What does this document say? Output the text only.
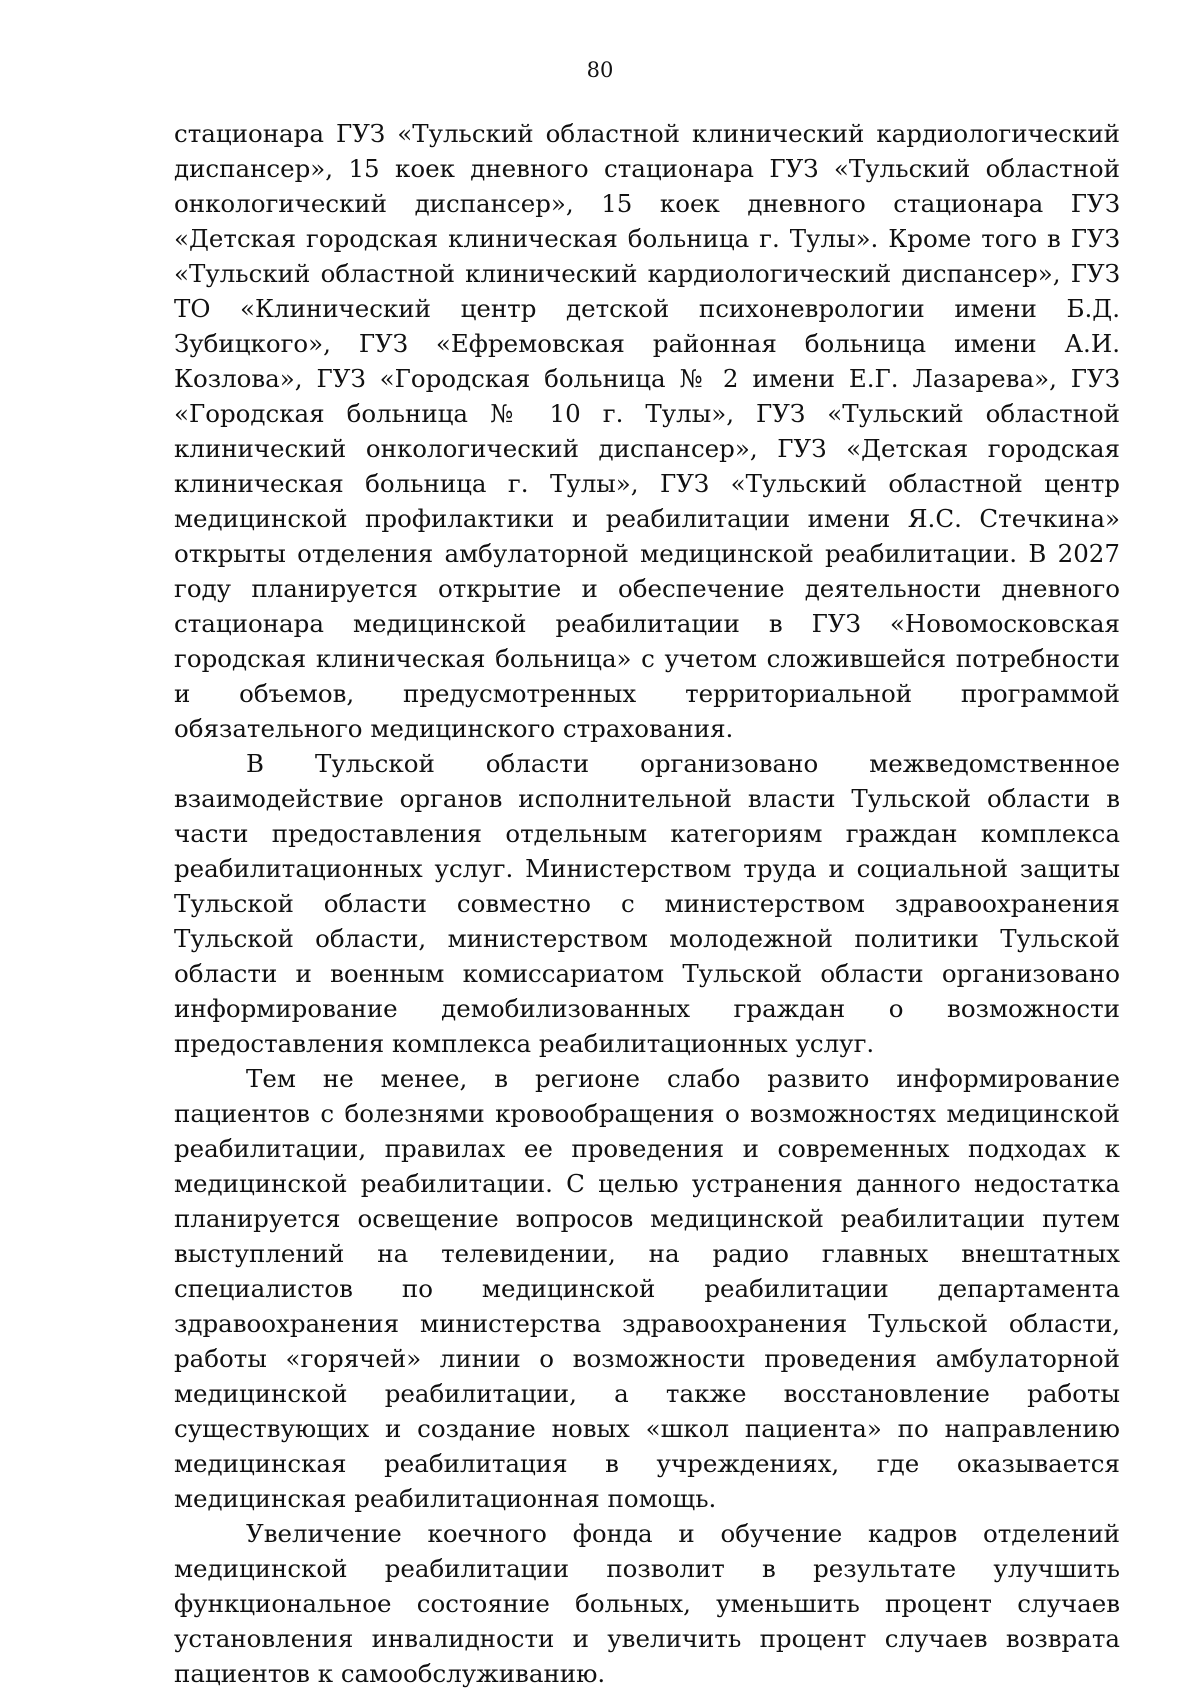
80

стационара ГУЗ «Тульский областной клинический кардиологический диспансер», 15 коек дневного стационара ГУЗ «Тульский областной онкологический диспансер», 15 коек дневного стационара ГУЗ «Детская городская клиническая больница г. Тулы». Кроме того в ГУЗ «Тульский областной клинический кардиологический диспансер», ГУЗ ТО «Клинический центр детской психоневрологии имени Б.Д. Зубицкого», ГУЗ «Ефремовская районная больница имени А.И. Козлова», ГУЗ «Городская больница № 2 имени Е.Г. Лазарева», ГУЗ «Городская больница № 10 г. Тулы», ГУЗ «Тульский областной клинический онкологический диспансер», ГУЗ «Детская городская клиническая больница г. Тулы», ГУЗ «Тульский областной центр медицинской профилактики и реабилитации имени Я.С. Стечкина» открыты отделения амбулаторной медицинской реабилитации. В 2027 году планируется открытие и обеспечение деятельности дневного стационара медицинской реабилитации в ГУЗ «Новомосковская городская клиническая больница» с учетом сложившейся потребности и объемов, предусмотренных территориальной программой обязательного медицинского страхования.

В Тульской области организовано межведомственное взаимодействие органов исполнительной власти Тульской области в части предоставления отдельным категориям граждан комплекса реабилитационных услуг. Министерством труда и социальной защиты Тульской области совместно с министерством здравоохранения Тульской области, министерством молодежной политики Тульской области и военным комиссариатом Тульской области организовано информирование демобилизованных граждан о возможности предоставления комплекса реабилитационных услуг.

Тем не менее, в регионе слабо развито информирование пациентов с болезнями кровообращения о возможностях медицинской реабилитации, правилах ее проведения и современных подходах к медицинской реабилитации. С целью устранения данного недостатка планируется освещение вопросов медицинской реабилитации путем выступлений на телевидении, на радио главных внештатных специалистов по медицинской реабилитации департамента здравоохранения министерства здравоохранения Тульской области, работы «горячей» линии о возможности проведения амбулаторной медицинской реабилитации, а также восстановление работы существующих и создание новых «школ пациента» по направлению медицинская реабилитация в учреждениях, где оказывается медицинская реабилитационная помощь.

Увеличение коечного фонда и обучение кадров отделений медицинской реабилитации позволит в результате улучшить функциональное состояние больных, уменьшить процент случаев установления инвалидности и увеличить процент случаев возврата пациентов к самообслуживанию.
